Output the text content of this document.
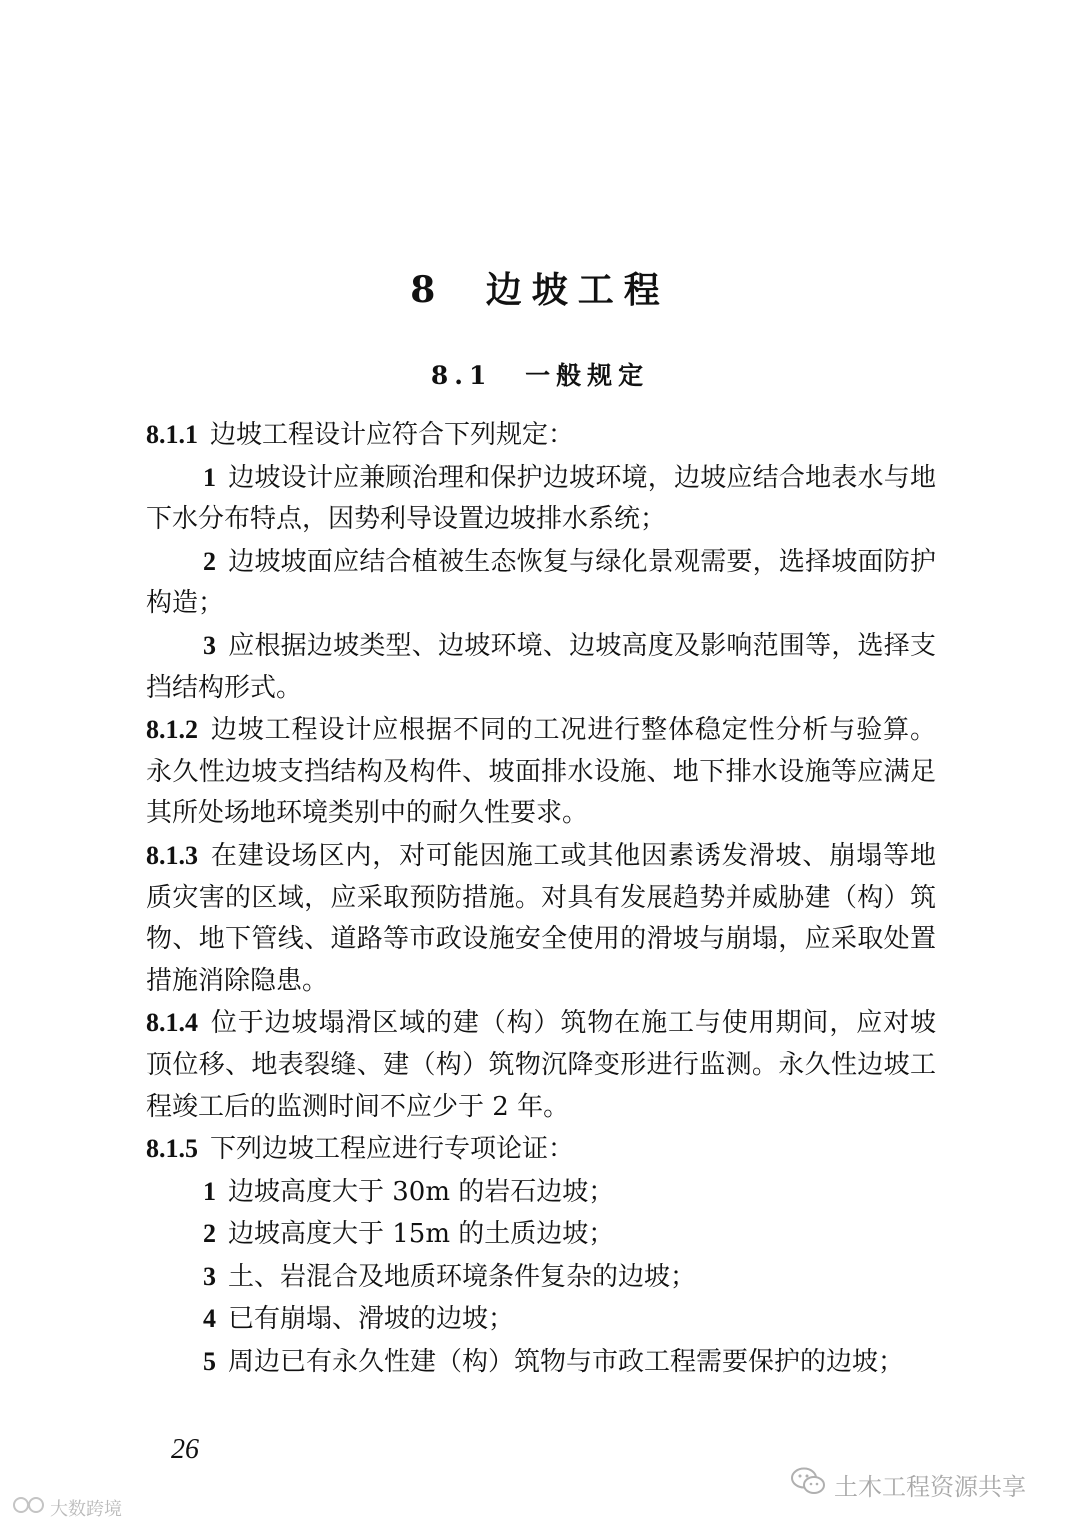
8 边坡工程
8.1 一般规定

8.1.1 边坡工程设计应符合下列规定：

1 边坡设计应兼顾治理和保护边坡环境，边坡应结合地表水与地下水分布特点，因势利导设置边坡排水系统；

2 边坡坡面应结合植被生态恢复与绿化景观需要，选择坡面防护构造；

3 应根据边坡类型、边坡环境、边坡高度及影响范围等，选择支挡结构形式。

8.1.2 边坡工程设计应根据不同的工况进行整体稳定性分析与验算。永久性边坡支挡结构及构件、坡面排水设施、地下排水设施等应满足其所处场地环境类别中的耐久性要求。

8.1.3 在建设场区内，对可能因施工或其他因素诱发滑坡、崩塌等地质灾害的区域，应采取预防措施。对具有发展趋势并威胁建（构）筑物、地下管线、道路等市政设施安全使用的滑坡与崩塌，应采取处置措施消除隐患。

8.1.4 位于边坡塌滑区域的建（构）筑物在施工与使用期间，应对坡顶位移、地表裂缝、建（构）筑物沉降变形进行监测。永久性边坡工程竣工后的监测时间不应少于 2 年。

8.1.5 下列边坡工程应进行专项论证：

1 边坡高度大于 30m 的岩石边坡；

2 边坡高度大于 15m 的土质边坡；

3 土、岩混合及地质环境条件复杂的边坡；

4 已有崩塌、滑坡的边坡；

5 周边已有永久性建（构）筑物与市政工程需要保护的边坡；

26
大数跨境
土木工程资源共享
